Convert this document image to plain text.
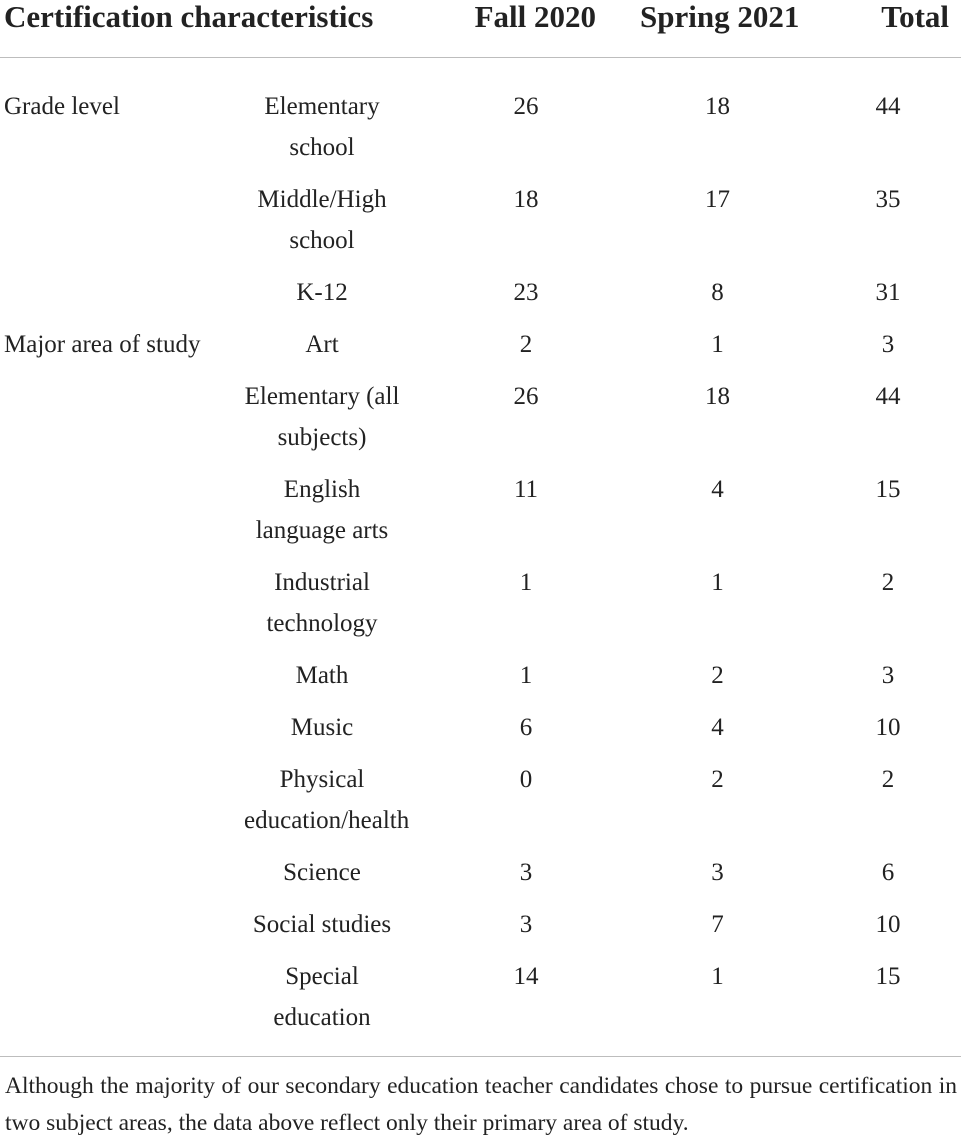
Certification characteristics		Fall 2020	Spring 2021	Total
Grade level	Elementary school	26	18	44
	Middle/High school	18	17	35
	K-12	23	8	31
Major area of study	Art	2	1	3
	Elementary (all subjects)	26	18	44
	English language arts	11	4	15
	Industrial technology	1	1	2
	Math	1	2	3
	Music	6	4	10
	Physical education/health	0	2	2
	Science	3	3	6
	Social studies	3	7	10
	Special education	14	1	15
Although the majority of our secondary education teacher candidates chose to pursue certification in two subject areas, the data above reflect only their primary area of study.
